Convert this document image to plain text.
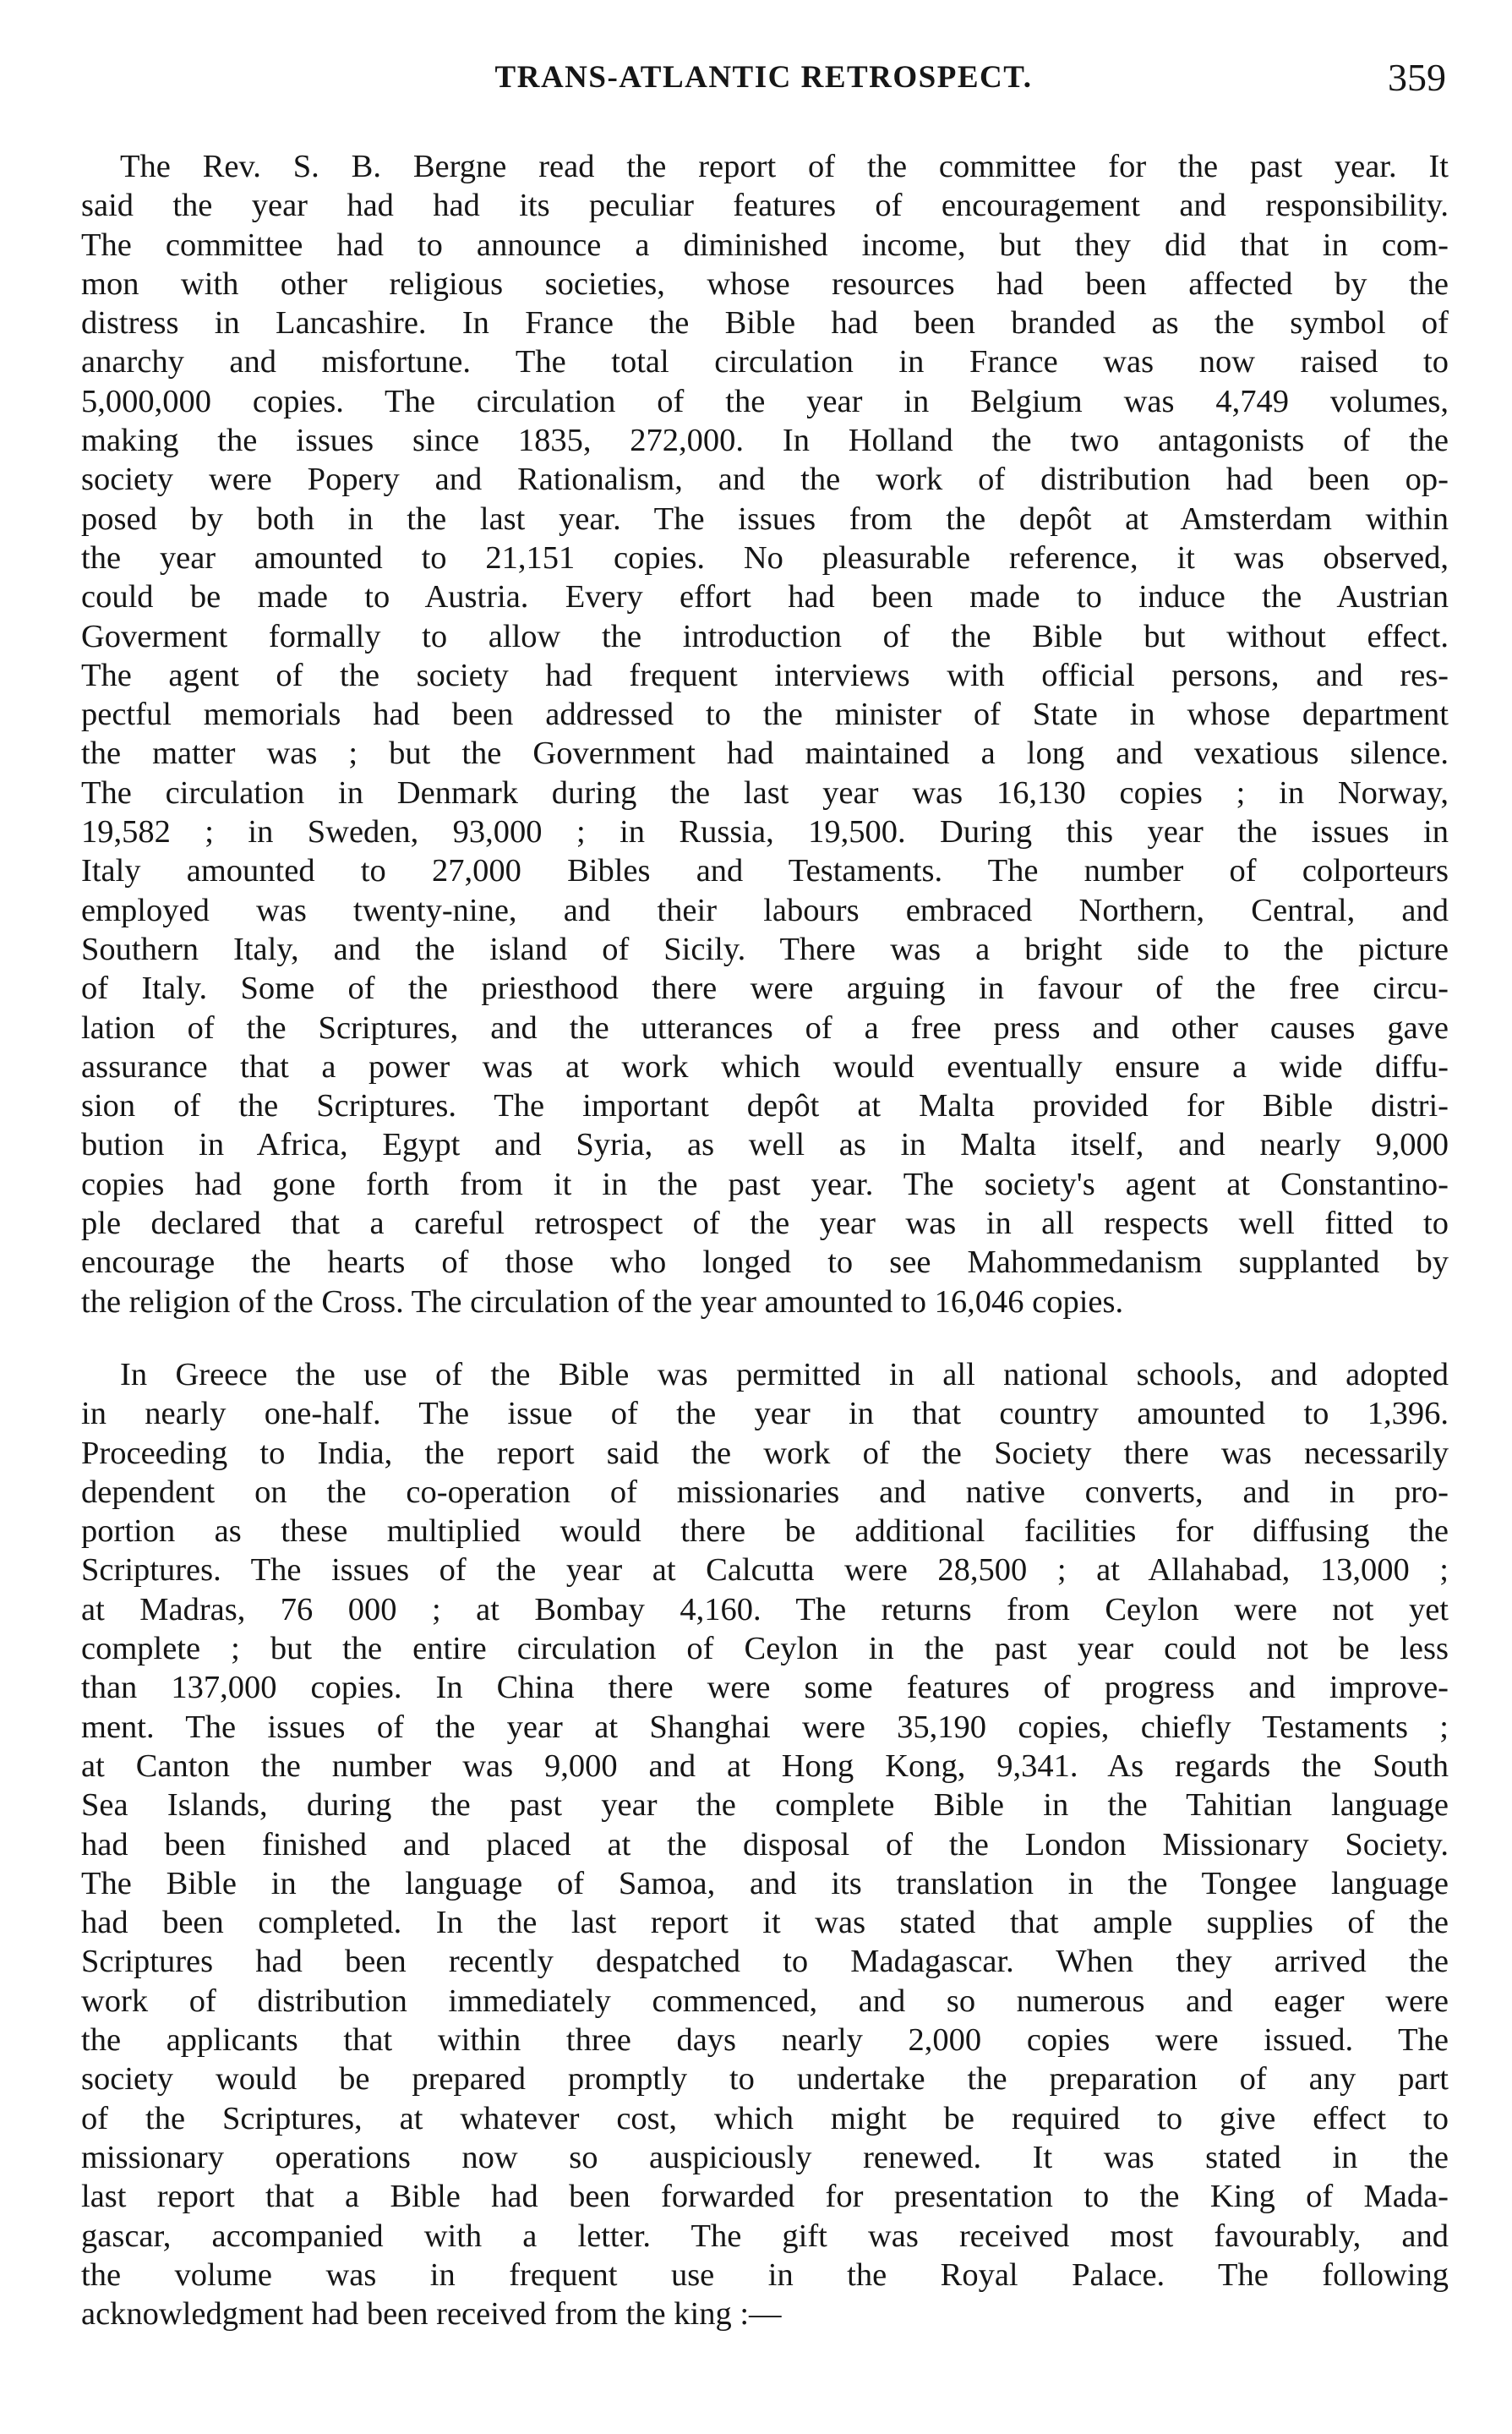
TRANS-ATLANTIC RETROSPECT.	359
The Rev. S. B. Bergne read the report of the committee for the past year. It
said the year had had its peculiar features of encouragement and responsibility.
The committee had to announce a diminished income, but they did that in com-
mon with other religious societies, whose resources had been affected by the
distress in Lancashire. In France the Bible had been branded as the symbol of
anarchy and misfortune. The total circulation in France was now raised to
5,000,000 copies. The circulation of the year in Belgium was 4,749 volumes,
making the issues since 1835, 272,000. In Holland the two antagonists of the
society were Popery and Rationalism, and the work of distribution had been op-
posed by both in the last year. The issues from the depôt at Amsterdam within
the year amounted to 21,151 copies. No pleasurable reference, it was observed,
could be made to Austria. Every effort had been made to induce the Austrian
Goverment formally to allow the introduction of the Bible but without effect.
The agent of the society had frequent interviews with official persons, and res-
pectful memorials had been addressed to the minister of State in whose department
the matter was ; but the Government had maintained a long and vexatious silence.
The circulation in Denmark during the last year was 16,130 copies ; in Norway,
19,582 ; in Sweden, 93,000 ; in Russia, 19,500. During this year the issues in
Italy amounted to 27,000 Bibles and Testaments. The number of colporteurs
employed was twenty-nine, and their labours embraced Northern, Central, and
Southern Italy, and the island of Sicily. There was a bright side to the picture
of Italy. Some of the priesthood there were arguing in favour of the free circu-
lation of the Scriptures, and the utterances of a free press and other causes gave
assurance that a power was at work which would eventually ensure a wide diffu-
sion of the Scriptures. The important depôt at Malta provided for Bible distri-
bution in Africa, Egypt and Syria, as well as in Malta itself, and nearly 9,000
copies had gone forth from it in the past year. The society's agent at Constantino-
ple declared that a careful retrospect of the year was in all respects well fitted to
encourage the hearts of those who longed to see Mahommedanism supplanted by
the religion of the Cross. The circulation of the year amounted to 16,046 copies.
In Greece the use of the Bible was permitted in all national schools, and adopted
in nearly one-half. The issue of the year in that country amounted to 1,396.
Proceeding to India, the report said the work of the Society there was necessarily
dependent on the co-operation of missionaries and native converts, and in pro-
portion as these multiplied would there be additional facilities for diffusing the
Scriptures. The issues of the year at Calcutta were 28,500 ; at Allahabad, 13,000 ;
at Madras, 76 000 ; at Bombay 4,160. The returns from Ceylon were not yet
complete ; but the entire circulation of Ceylon in the past year could not be less
than 137,000 copies. In China there were some features of progress and improve-
ment. The issues of the year at Shanghai were 35,190 copies, chiefly Testaments ;
at Canton the number was 9,000 and at Hong Kong, 9,341. As regards the South
Sea Islands, during the past year the complete Bible in the Tahitian language
had been finished and placed at the disposal of the London Missionary Society.
The Bible in the language of Samoa, and its translation in the Tongee language
had been completed. In the last report it was stated that ample supplies of the
Scriptures had been recently despatched to Madagascar. When they arrived the
work of distribution immediately commenced, and so numerous and eager were
the applicants that within three days nearly 2,000 copies were issued. The
society would be prepared promptly to undertake the preparation of any part
of the Scriptures, at whatever cost, which might be required to give effect to
missionary operations now so auspiciously renewed. It was stated in the
last report that a Bible had been forwarded for presentation to the King of Mada-
gascar, accompanied with a letter. The gift was received most favourably, and
the volume was in frequent use in the Royal Palace. The following
acknowledgment had been received from the king :—
